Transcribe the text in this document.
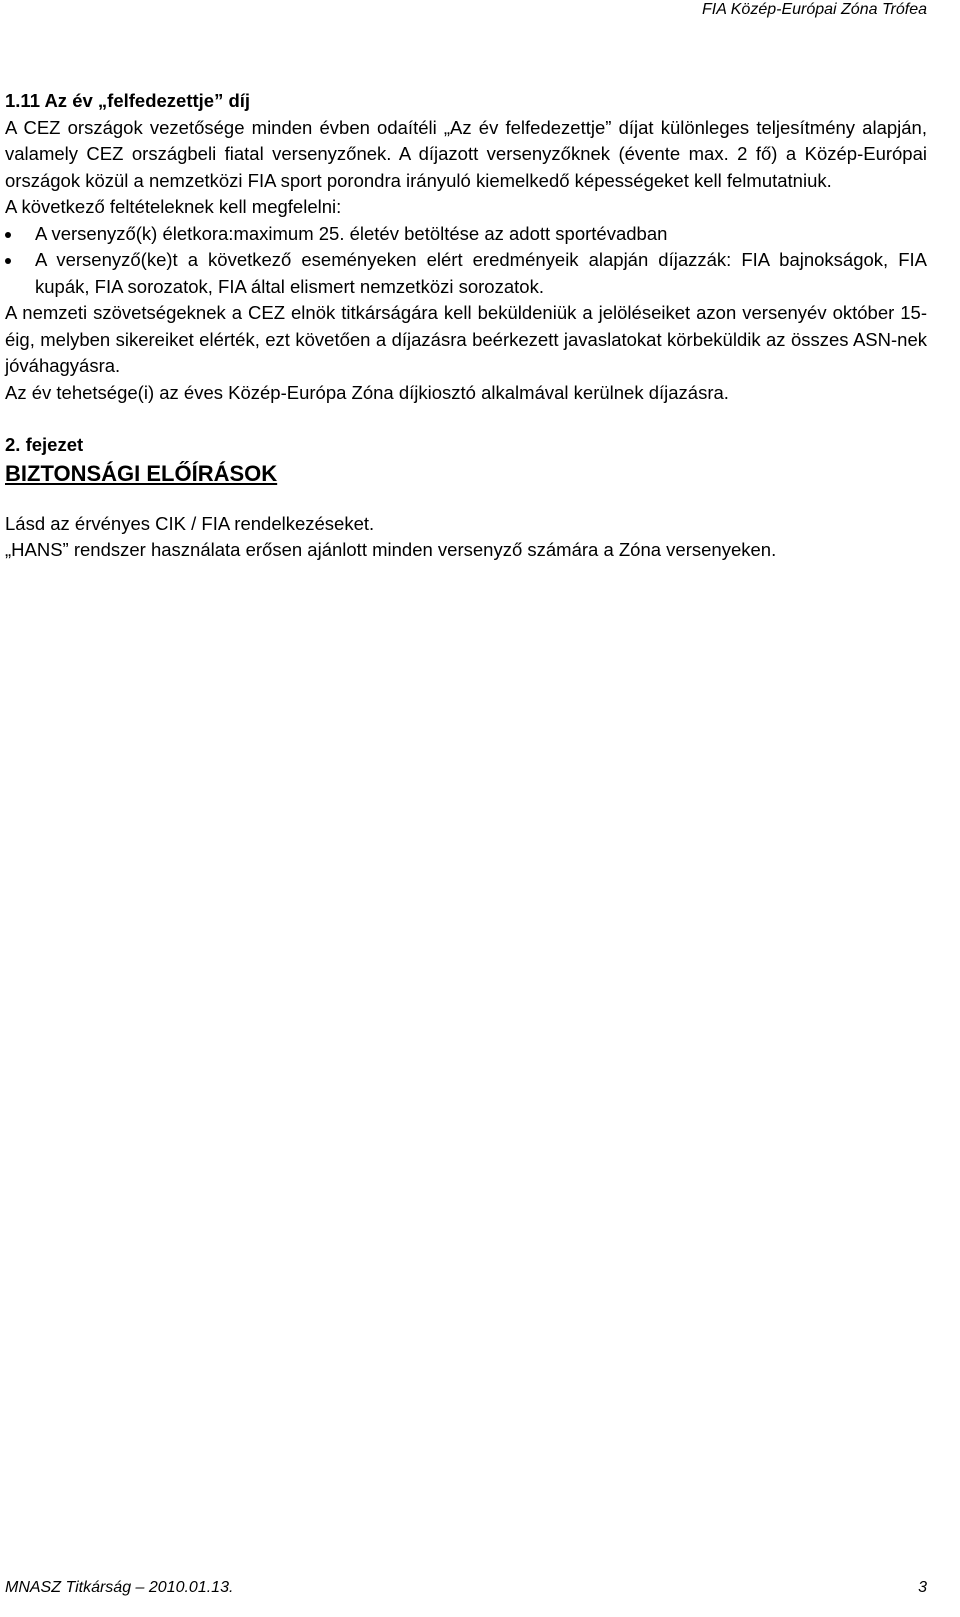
FIA Közép-Európai Zóna Trófea

1.11 Az év „felfedezettje” díj

A CEZ országok vezetősége minden évben odaítéli „Az év felfedezettje” díjat különleges teljesítmény alapján, valamely CEZ országbeli fiatal versenyzőnek. A díjazott versenyzőknek (évente max. 2 fő) a Közép-Európai országok közül a nemzetközi FIA sport porondra irányuló kiemelkedő képességeket kell felmutatniuk.

A következő feltételeknek kell megfelelni:

A versenyző(k) életkora:maximum 25. életév betöltése az adott sportévadban
A versenyző(ke)t a következő eseményeken elért eredményeik alapján díjazzák: FIA bajnokságok, FIA kupák, FIA sorozatok, FIA által elismert nemzetközi sorozatok.

A nemzeti szövetségeknek a CEZ elnök titkárságára kell beküldeniük a jelöléseiket azon versenyév október 15-éig, melyben sikereiket elérték, ezt követően a díjazásra beérkezett javaslatokat körbeküldik az összes ASN-nek jóváhagyásra.

Az év tehetsége(i) az éves Közép-Európa Zóna díjkiosztó alkalmával kerülnek díjazásra.

2. fejezet

BIZTONSÁGI ELŐÍRÁSOK

Lásd az érvényes CIK / FIA rendelkezéseket.

„HANS” rendszer használata erősen ajánlott minden versenyző számára a Zóna versenyeken.

MNASZ Titkárság – 2010.01.13.	3
